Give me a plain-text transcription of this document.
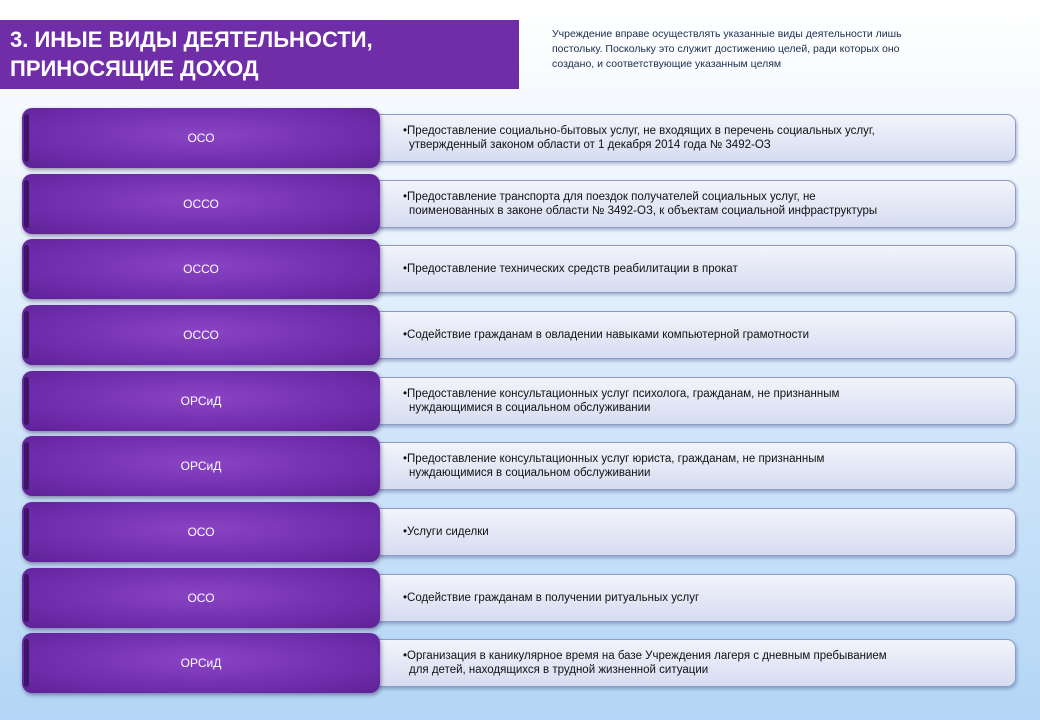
3. ИНЫЕ ВИДЫ ДЕЯТЕЛЬНОСТИ,
ПРИНОСЯЩИЕ ДОХОД
Учреждение вправе осуществлять указанные виды деятельности лишь
постольку. Поскольку это служит достижению целей, ради которых оно
создано, и соответствующие указанным целям
•Предоставление социально-бытовых услуг, не входящих в перечень социальных услуг,
утвержденный законом области от 1 декабря 2014 года № 3492-ОЗ
ОСО
•Предоставление транспорта для поездок получателей социальных услуг, не
поименованных в законе области № 3492-ОЗ, к объектам социальной инфраструктуры
ОССО
•Предоставление технических средств реабилитации в прокат
ОССО
•Содействие гражданам в овладении навыками компьютерной грамотности
ОССО
•Предоставление консультационных услуг психолога, гражданам, не признанным
нуждающимися в социальном обслуживании
ОРСиД
•Предоставление консультационных услуг юриста, гражданам, не признанным
нуждающимися в социальном обслуживании
ОРСиД
•Услуги сиделки
ОСО
•Содействие гражданам в получении ритуальных услуг
ОСО
•Организация в каникулярное время на базе Учреждения лагеря с дневным пребыванием
для детей, находящихся в трудной жизненной ситуации
ОРСиД
